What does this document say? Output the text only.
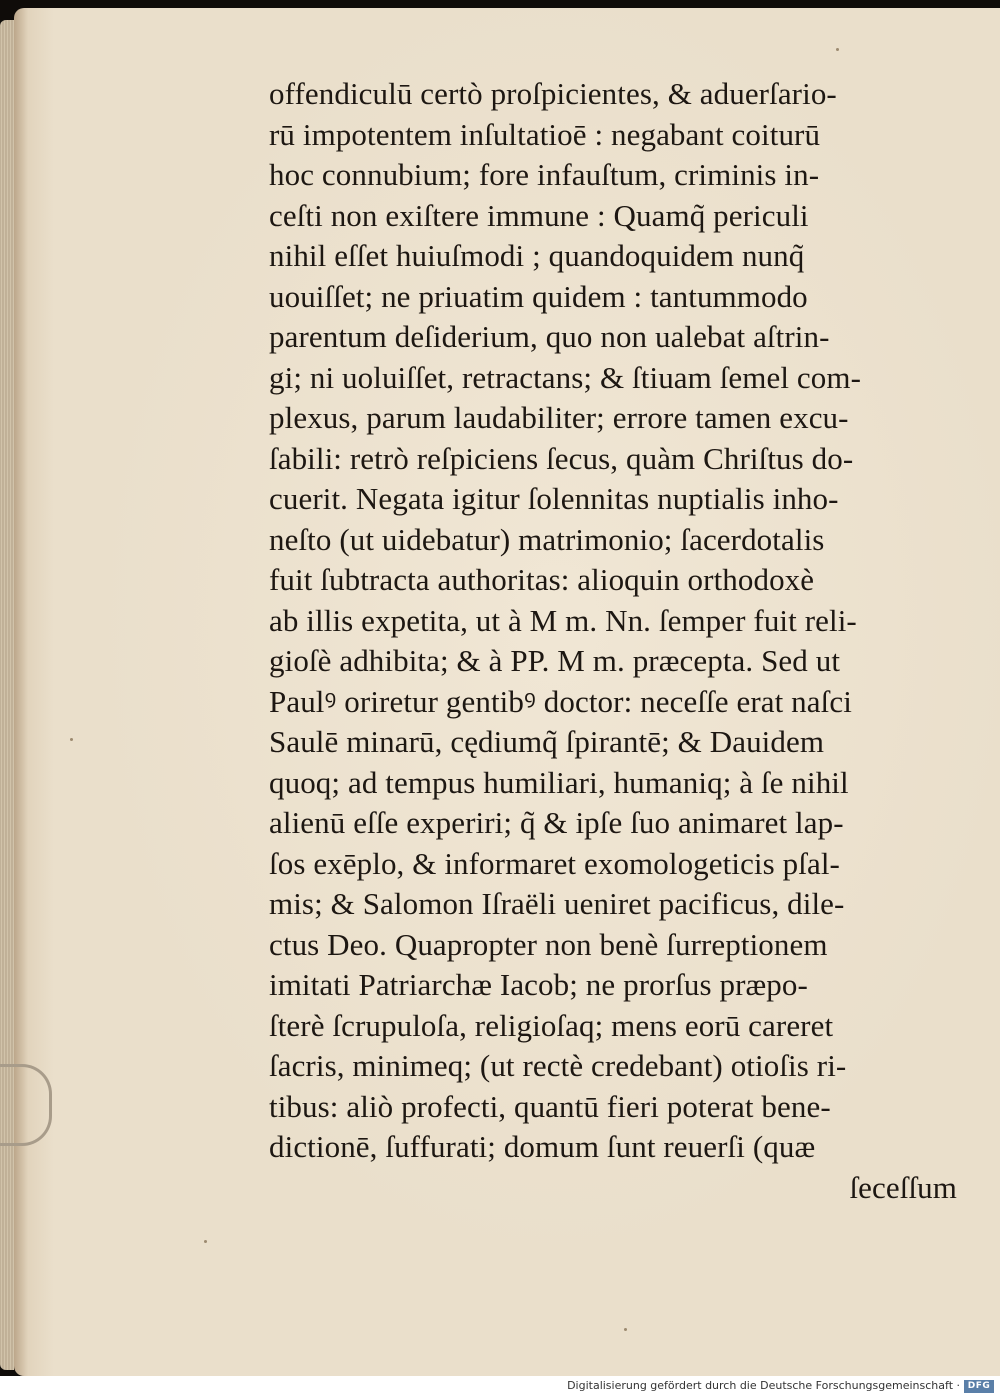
offendiculū certò proſpicientes, & aduerſario-
rū impotentem inſultatioē : negabant coiturū
hoc connubium; fore infauſtum, criminis in-
ceſti non exiſtere immune : Quamq̃ periculi
nihil eſſet huiuſmodi ; quandoquidem nunq̃
uouiſſet; ne priuatim quidem : tantummodo
parentum deſiderium, quo non ualebat aſtrin-
gi; ni uoluiſſet, retractans; & ſtiuam ſemel com-
plexus, parum laudabiliter; errore tamen excu-
ſabili: retrò reſpiciens ſecus, quàm Chriſtus do-
cuerit. Negata igitur ſolennitas nuptialis inho-
neſto (ut uidebatur) matrimonio; ſacerdotalis
fuit ſubtracta authoritas: alioquin orthodoxè
ab illis expetita, ut à M m. Nn. ſemper fuit reli-
gioſè adhibita; & à PP. M m. præcepta. Sed ut
Paulꝰ oriretur gentibꝰ doctor: neceſſe erat naſci
Saulē minarū, cędiumq̃ ſpirantē; & Dauidem
quoq; ad tempus humiliari, humaniq; à ſe nihil
alienū eſſe experiri; q̃ & ipſe ſuo animaret lap-
ſos exēplo, & informaret exomologeticis pſal-
mis; & Salomon Iſraëli ueniret pacificus, dile-
ctus Deo. Quapropter non benè ſurreptionem
imitati Patriarchæ Iacob; ne prorſus præpo-
ſterè ſcrupuloſa, religioſaq; mens eorū careret
ſacris, minimeq; (ut rectè credebant) otioſis ri-
tibus: aliò profecti, quantū fieri poterat bene-
dictionē, ſuffurati; domum ſunt reuerſi (quæ
ſeceſſum
Digitalisierung gefördert durch die Deutsche Forschungsgemeinschaft · DFG
